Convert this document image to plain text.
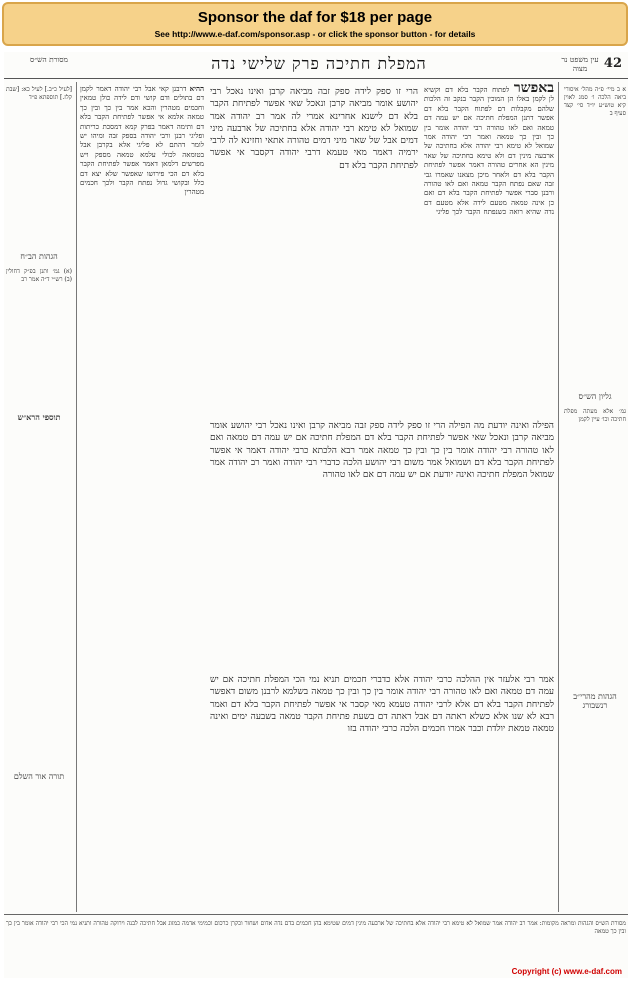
Sponsor the daf for $18 per page
See http://www.e-daf.com/sponsor.asp - or click the sponsor button - for details
42
המפלת חתיכה פרק שלישי נדה
מסורת הש״ס	עין משפט נר מצוה
א ב מיי׳ פ״ה מהל׳ איסורי ביאה הלכה ו׳ סמג לאוין קיא טוש״ע יו״ד סי׳ קצד סעיף ב
גליון הש״ס
גמ׳ אלא מעתה מפלת חתיכה וכו׳ עיין לקמן
הגהות מהרי״ב רנשבורג
[לעיל כ״ב.] לעיל כא: [שבת קלז.] תוספתא פ״ד
הגהות הב״ח
(א) גמ׳ ותנן בפ״ק דחולין (ב) רש״י ד״ה אמר רב
תוספי הרא״ש
תורה אור השלם
באפשר לפתוח הקבר בלא דם וקשיא לן לקמן באלו הן המוכין הקבר בנקב זה הלכות שלהם מקבלות דם לפתוח הקבר בלא דם אפשר דתנן המפלת חתיכה אם יש עמה דם טמאה ואם לאו טהורה רבי יהודה אומר בין כך ובין כך טמאה ואמר רבי יהודה אמר שמואל לא טימא רבי יהודה אלא בחתיכה של ארבעה מינין דם ולא טימא בחתיכה של שאר מינין הא אחרים טהורה דאמר אפשר לפתיחת הקבר בלא דם ולאחר מיכן מצאנו שאמרו גבי זבה שאם נפתח הקבר טמאה ואם לאו טהורה ורבנן סברי אפשר לפתיחת הקבר בלא דם ואם כן אינה טמאה מטעם לידה אלא מטעם דם נדה שהיא רואה כשנפתח הקבר לכך פליגי
ההיא דרבנן קאי אבל רבי יהודה דאמר לקמן דם בתולים ודם קושי ודם לידה כולן טמאין וחכמים מטהרין והכא אמר בין כך ובין כך טמאה אלמא אי אפשר לפתיחת הקבר בלא דם ותימה דאמר בפרק קמא דמסכת כריתות ופליגי רבנן ורבי יהודה בספק זבה ומיהו יש לומר דהתם לא פליגי אלא בקרבן אבל בטומאה לכולי עלמא טמאה מספק ויש מפרשים דלמאן דאמר אפשר לפתיחת הקבר בלא דם הכי פירושו שאפשר שלא יצא דם כלל ובקושי גדול נפתח הקבר ולכך חכמים מטהרין
הרי זו ספק לידה ספק זבה מביאה קרבן ואינו נאכל רבי יהושע אומר מביאה קרבן ונאכל שאי אפשר לפתיחת הקבר בלא דם לישנא אחרינא אמרי לה אמר רב יהודה אמר שמואל לא טימא רבי יהודה אלא בחתיכה של ארבעה מיני דמים אבל של שאר מיני דמים טהורה אתאי וחזינא לה לרבי ירמיה דאמר מאי טעמא דרבי יהודה דקסבר אי אפשר לפתיחת הקבר בלא דם
הפילה ואינה יודעת מה הפילה הרי זו ספק לידה ספק זבה מביאה קרבן ואינו נאכל רבי יהושע אומר מביאה קרבן ונאכל שאי אפשר לפתיחת הקבר בלא דם המפלת חתיכה אם יש עמה דם טמאה ואם לאו טהורה רבי יהודה אומר בין כך ובין כך טמאה אמר רבא הלכתא כרבי יהודה דאמר אי אפשר לפתיחת הקבר בלא דם ושמואל אמר משום רבי יהושע הלכה כדברי רבי יהודה ואמר רב יהודה אמר שמואל המפלת חתיכה ואינה יודעת אם יש עמה דם אם לאו טהורה
אמר רבי אלעזר אין ההלכה כרבי יהודה אלא כדברי חכמים תניא נמי הכי המפלת חתיכה אם יש עמה דם טמאה ואם לאו טהורה רבי יהודה אומר בין כך ובין כך טמאה בשלמא לרבנן משום דאפשר לפתיחת הקבר בלא דם אלא לרבי יהודה טעמא מאי קסבר אי אפשר לפתיחת הקבר בלא דם ואמר רבא לא שנו אלא כשלא ראתה דם אבל ראתה דם בשעת פתיחת הקבר טמאה בשבעה ימים ואינה טמאה טמאת יולדת וכבר אמרו חכמים הלכה כרבי יהודה בזו
מסורת הש״ס והגהות ומראה מקומות: אמר רב יהודה אמר שמואל לא טימא רבי יהודה אלא בחתיכה של ארבעה מינין דמים שטימא בהן חכמים בדם נדה אדום ושחור וכקרן כרכום וכמימי אדמה כמזוג אבל חתיכה לבנה וירוקה טהורה ותניא נמי הכי רבי יהודה אומר בין כך ובין כך טמאה
Copyright (c) www.e-daf.com
